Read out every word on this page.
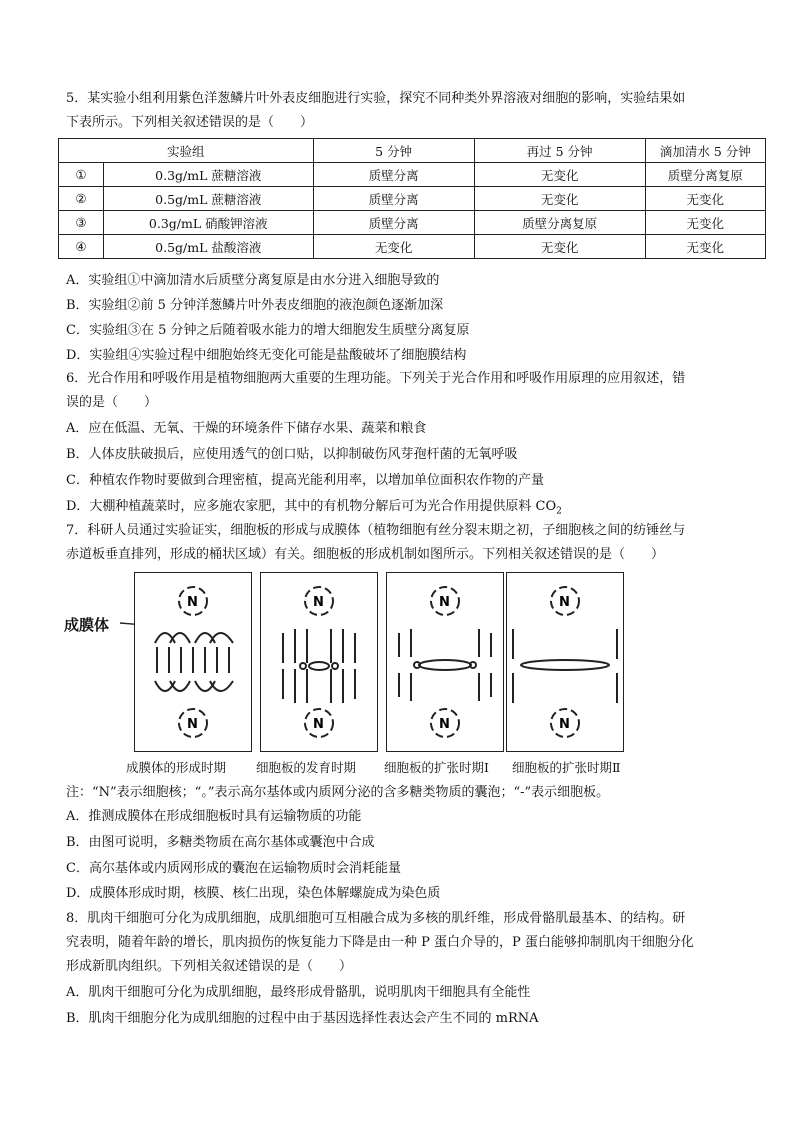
5．某实验小组利用紫色洋葱鳞片叶外表皮细胞进行实验，探究不同种类外界溶液对细胞的影响，实验结果如
下表所示。下列相关叙述错误的是（　　）
实验组		5 分钟	再过 5 分钟	滴加清水 5 分钟
①	0.3g/mL 蔗糖溶液	质壁分离	无变化	质壁分离复原
②	0.5g/mL 蔗糖溶液	质壁分离	无变化	无变化
③	0.3g/mL 硝酸钾溶液	质壁分离	质壁分离复原	无变化
④	0.5g/mL 盐酸溶液	无变化	无变化	无变化
A．实验组①中滴加清水后质壁分离复原是由水分进入细胞导致的
B．实验组②前 5 分钟洋葱鳞片叶外表皮细胞的液泡颜色逐渐加深
C．实验组③在 5 分钟之后随着吸水能力的增大细胞发生质壁分离复原
D．实验组④实验过程中细胞始终无变化可能是盐酸破坏了细胞膜结构
6．光合作用和呼吸作用是植物细胞两大重要的生理功能。下列关于光合作用和呼吸作用原理的应用叙述，错
误的是（　　）
A．应在低温、无氧、干燥的环境条件下储存水果、蔬菜和粮食
B．人体皮肤破损后，应使用透气的创口贴，以抑制破伤风芽孢杆菌的无氧呼吸
C．种植农作物时要做到合理密植，提高光能利用率，以增加单位面积农作物的产量
D．大棚种植蔬菜时，应多施农家肥，其中的有机物分解后可为光合作用提供原料 $CO_2$
7．科研人员通过实验证实，细胞板的形成与成膜体（植物细胞有丝分裂末期之初，子细胞核之间的纺锤丝与
赤道板垂直排列，形成的桶状区域）有关。细胞板的形成机制如图所示。下列相关叙述错误的是（　　）
成膜体
N
N
N
N
N
N
N
N
成膜体的形成时期 细胞板的发育时期 细胞板的扩张时期Ⅰ 细胞板的扩张时期Ⅱ
注：“N”表示细胞核；“。”表示高尔基体或内质网分泌的含多糖类物质的囊泡；“-”表示细胞板。
A．推测成膜体在形成细胞板时具有运输物质的功能
B．由图可说明，多糖类物质在高尔基体或囊泡中合成
C．高尔基体或内质网形成的囊泡在运输物质时会消耗能量
D．成膜体形成时期，核膜、核仁出现，染色体解螺旋成为染色质
8．肌肉干细胞可分化为成肌细胞，成肌细胞可互相融合成为多核的肌纤维，形成骨骼肌最基本、的结构。研
究表明，随着年龄的增长，肌肉损伤的恢复能力下降是由一种 P 蛋白介导的，P 蛋白能够抑制肌肉干细胞分化
形成新肌肉组织。下列相关叙述错误的是（　　）
A．肌肉干细胞可分化为成肌细胞，最终形成骨骼肌，说明肌肉干细胞具有全能性
B．肌肉干细胞分化为成肌细胞的过程中由于基因选择性表达会产生不同的 mRNA
